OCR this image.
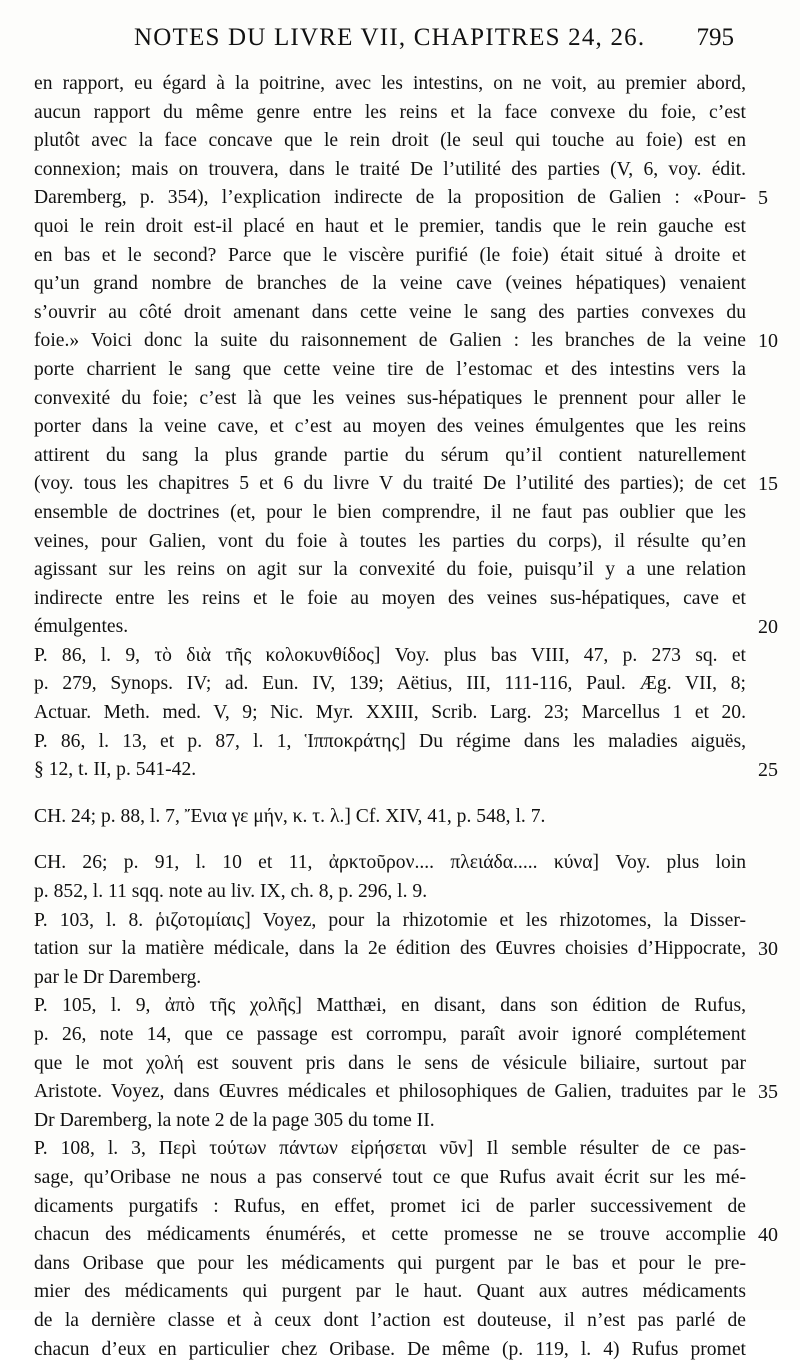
NOTES DU LIVRE VII, CHAPITRES 24, 26. 795
en rapport, eu égard à la poitrine, avec les intestins, on ne voit, au premier abord,
aucun rapport du même genre entre les reins et la face convexe du foie, c’est
plutôt avec la face concave que le rein droit (le seul qui touche au foie) est en
connexion; mais on trouvera, dans le traité De l’utilité des parties (V, 6, voy. édit.
Daremberg, p. 354), l’explication indirecte de la proposition de Galien : «Pour- 5
quoi le rein droit est-il placé en haut et le premier, tandis que le rein gauche est
en bas et le second? Parce que le viscère purifié (le foie) était situé à droite et
qu’un grand nombre de branches de la veine cave (veines hépatiques) venaient
s’ouvrir au côté droit amenant dans cette veine le sang des parties convexes du
foie.» Voici donc la suite du raisonnement de Galien : les branches de la veine 10
porte charrient le sang que cette veine tire de l’estomac et des intestins vers la
convexité du foie; c’est là que les veines sus-hépatiques le prennent pour aller le
porter dans la veine cave, et c’est au moyen des veines émulgentes que les reins
attirent du sang la plus grande partie du sérum qu’il contient naturellement
(voy. tous les chapitres 5 et 6 du livre V du traité De l’utilité des parties); de cet 15
ensemble de doctrines (et, pour le bien comprendre, il ne faut pas oublier que les
veines, pour Galien, vont du foie à toutes les parties du corps), il résulte qu’en
agissant sur les reins on agit sur la convexité du foie, puisqu’il y a une relation
indirecte entre les reins et le foie au moyen des veines sus-hépatiques, cave et
émulgentes.	20
P. 86, l. 9, τὸ διὰ τῆς κολοκυνθίδος] Voy. plus bas VIII, 47, p. 273 sq. et
p. 279, Synops. IV; ad. Eun. IV, 139; Aëtius, III, 111-116, Paul. Æg. VII, 8;
Actuar. Meth. med. V, 9; Nic. Myr. XXIII, Scrib. Larg. 23; Marcellus 1 et 20.
P. 86, l. 13, et p. 87, l. 1, Ἱπποκράτης] Du régime dans les maladies aiguës,
§ 12, t. II, p. 541-42.	25
CH. 24; p. 88, l. 7, Ἔνια γε μήν, κ. τ. λ.] Cf. XIV, 41, p. 548, l. 7.
CH. 26; p. 91, l. 10 et 11, ἀρκτοῦρον.... πλειάδα..... κύνα] Voy. plus loin
p. 852, l. 11 sqq. note au liv. IX, ch. 8, p. 296, l. 9.
P. 103, l. 8. ῥιζοτομίαις] Voyez, pour la rhizotomie et les rhizotomes, la Disser-
tation sur la matière médicale, dans la 2e édition des Œuvres choisies d’Hippocrate, 30
par le Dr Daremberg.
P. 105, l. 9, ἀπὸ τῆς χολῆς] Matthæi, en disant, dans son édition de Rufus,
p. 26, note 14, que ce passage est corrompu, paraît avoir ignoré complétement
que le mot χολή est souvent pris dans le sens de vésicule biliaire, surtout par
Aristote. Voyez, dans Œuvres médicales et philosophiques de Galien, traduites par le 35
Dr Daremberg, la note 2 de la page 305 du tome II.
P. 108, l. 3, Περὶ τούτων πάντων εἰρήσεται νῦν] Il semble résulter de ce pas-
sage, qu’Oribase ne nous a pas conservé tout ce que Rufus avait écrit sur les mé-
dicaments purgatifs : Rufus, en effet, promet ici de parler successivement de
chacun des médicaments énumérés, et cette promesse ne se trouve accomplie 40
dans Oribase que pour les médicaments qui purgent par le bas et pour le pre-
mier des médicaments qui purgent par le haut. Quant aux autres médicaments
de la dernière classe et à ceux dont l’action est douteuse, il n’est pas parlé de
chacun d’eux en particulier chez Oribase. De même (p. 119, l. 4) Rufus promet
